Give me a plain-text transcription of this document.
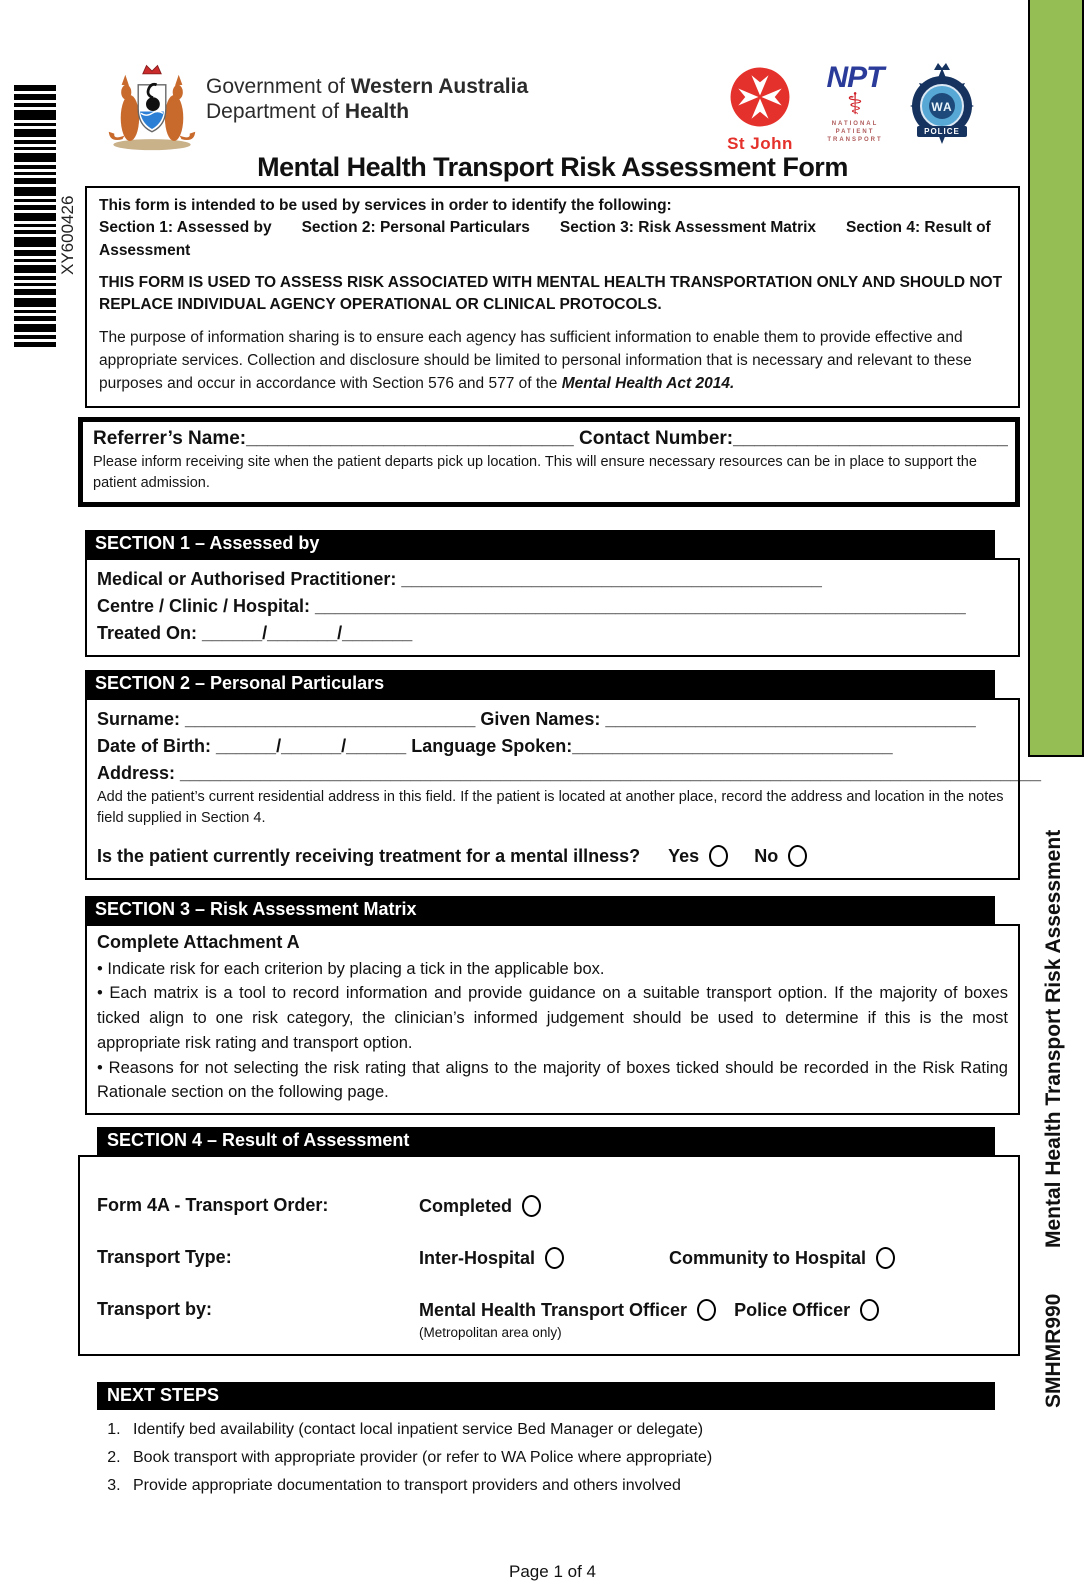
XY600426
Mental Health Transport Risk Assessment
SMHMR990
Government of Western Australia
Department of Health
St John
NPT
⚕
NATIONAL
PATIENT
TRANSPORT
WA
POLICE
Mental Health Transport Risk Assessment Form
This form is intended to be used by services in order to identify the following:
Section 1: Assessed by Section 2: Personal Particulars Section 3: Risk Assessment Matrix Section 4: Result of Assessment
THIS FORM IS USED TO ASSESS RISK ASSOCIATED WITH MENTAL HEALTH TRANSPORTATION ONLY AND SHOULD NOT REPLACE INDIVIDUAL AGENCY OPERATIONAL OR CLINICAL PROTOCOLS.
The purpose of information sharing is to ensure each agency has sufficient information to enable them to provide effective and appropriate services. Collection and disclosure should be limited to personal information that is necessary and relevant to these purposes and occur in accordance with Section 576 and 577 of the Mental Health Act 2014.
Referrer’s Name:_______________________________ Contact Number:__________________________
Please inform receiving site when the patient departs pick up location. This will ensure necessary resources can be in place to support the patient admission.
SECTION 1 – Assessed by
Medical or Authorised Practitioner: __________________________________________
Centre / Clinic / Hospital: _________________________________________________________________
Treated On: ______/_______/_______
SECTION 2 – Personal Particulars
Surname: _____________________________ Given Names: _____________________________________
Date of Birth: ______/______/______ Language Spoken:________________________________
Address: ______________________________________________________________________________________
Add the patient’s current residential address in this field. If the patient is located at another place, record the address and location in the notes field supplied in Section 4.
Is the patient currently receiving treatment for a mental illness? Yes	No
SECTION 3 – Risk Assessment Matrix
Complete Attachment A
• Indicate risk for each criterion by placing a tick in the applicable box.
• Each matrix is a tool to record information and provide guidance on a suitable transport option. If the majority of boxes ticked align to one risk category, the clinician’s informed judgement should be used to determine if this is the most appropriate risk rating and transport option.
• Reasons for not selecting the risk rating that aligns to the majority of boxes ticked should be recorded in the Risk Rating Rationale section on the following page.
SECTION 4 – Result of Assessment
Form 4A - Transport Order:	Completed
Transport Type:	Inter-Hospital	Community to Hospital
Transport by:	Mental Health Transport Officer	Police Officer
(Metropolitan area only)
NEXT STEPS
1. Identify bed availability (contact local inpatient service Bed Manager or delegate)
2. Book transport with appropriate provider (or refer to WA Police where appropriate)
3. Provide appropriate documentation to transport providers and others involved
Page 1 of 4
